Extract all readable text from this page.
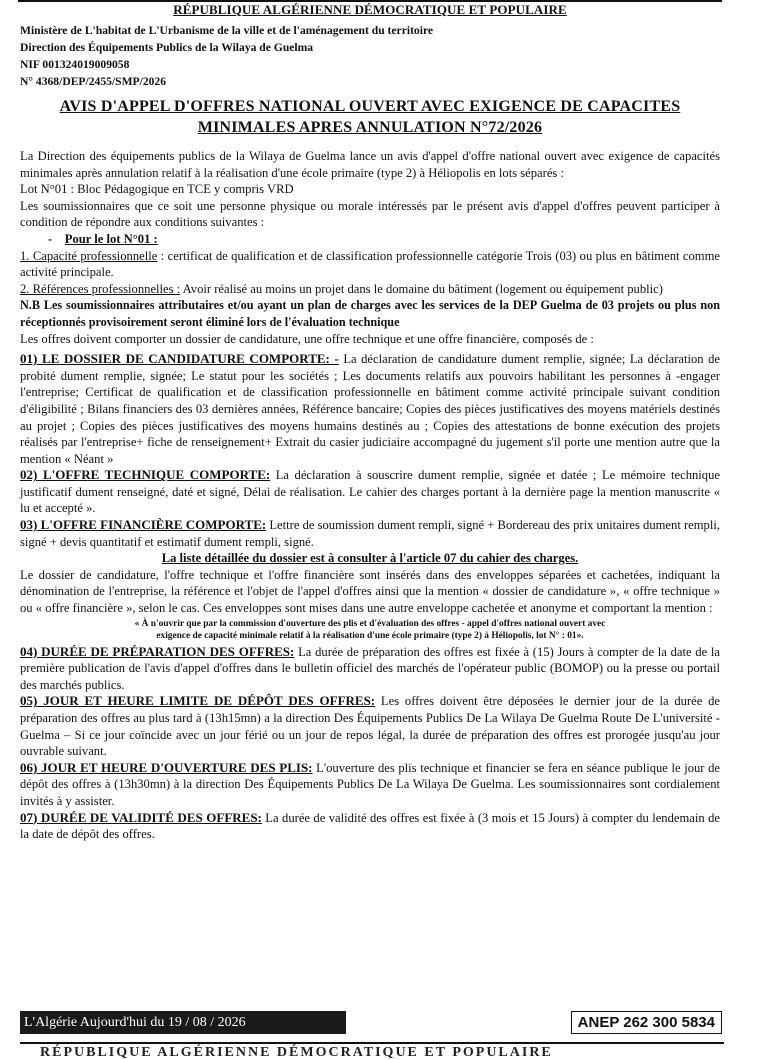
RÉPUBLIQUE ALGÉRIENNE DÉMOCRATIQUE ET POPULAIRE
Ministère de L'habitat de L'Urbanisme de la ville et de l'aménagement du territoire
Direction des Équipements Publics de la Wilaya de Guelma
NIF 001324019009058
N° 4368/DEP/2455/SMP/2026
AVIS D'APPEL D'OFFRES NATIONAL OUVERT AVEC EXIGENCE DE CAPACITES
MINIMALES APRES ANNULATION N°72/2026
La Direction des équipements publics de la Wilaya de Guelma lance un avis d'appel d'offre national ouvert avec exigence de capacités minimales après annulation relatif à la réalisation d'une école primaire (type 2) à Héliopolis en lots séparés :
Lot N°01 : Bloc Pédagogique en TCE y compris VRD
Les soumissionnaires que ce soit une personne physique ou morale intéressés par le présent avis d'appel d'offres peuvent participer à condition de répondre aux conditions suivantes :
- Pour le lot N°01 :
1. Capacité professionnelle : certificat de qualification et de classification professionnelle catégorie Trois (03) ou plus en bâtiment comme activité principale.
2. Références professionnelles : Avoir réalisé au moins un projet dans le domaine du bâtiment (logement ou équipement public)
N.B Les soumissionnaires attributaires et/ou ayant un plan de charges avec les services de la DEP Guelma de 03 projets ou plus non réceptionnés provisoirement seront éliminé lors de l'évaluation technique
Les offres doivent comporter un dossier de candidature, une offre technique et une offre financière, composés de :
01) LE DOSSIER DE CANDIDATURE COMPORTE: - La déclaration de candidature dument remplie, signée; La déclaration de probité dument remplie, signée; Le statut pour les sociétés ; Les documents relatifs aux pouvoirs habilitant les personnes à -engager l'entreprise; Certificat de qualification et de classification professionnelle en bâtiment comme activité principale suivant condition d'éligibilité ; Bilans financiers des 03 dernières années, Référence bancaire; Copies des pièces justificatives des moyens matériels destinés au projet ; Copies des pièces justificatives des moyens humains destinés au ; Copies des attestations de bonne exécution des projets réalisés par l'entreprise+ fiche de renseignement+ Extrait du casier judiciaire accompagné du jugement s'il porte une mention autre que la mention « Néant »
02) L'OFFRE TECHNIQUE COMPORTE: La déclaration à souscrire dument remplie, signée et datée ; Le mémoire technique justificatif dument renseigné, daté et signé, Délai de réalisation. Le cahier des charges portant à la dernière page la mention manuscrite « lu et accepté ».
03) L'OFFRE FINANCIÈRE COMPORTE: Lettre de soumission dument rempli, signé + Bordereau des prix unitaires dument rempli, signé + devis quantitatif et estimatif dument rempli, signé.
La liste détaillée du dossier est à consulter à l'article 07 du cahier des charges.
Le dossier de candidature, l'offre technique et l'offre financière sont insérés dans des enveloppes séparées et cachetées, indiquant la dénomination de l'entreprise, la référence et l'objet de l'appel d'offres ainsi que la mention « dossier de candidature », « offre technique » ou « offre financière », selon le cas. Ces enveloppes sont mises dans une autre enveloppe cachetée et anonyme et comportant la mention :
« À n'ouvrir que par la commission d'ouverture des plis et d'évaluation des offres - appel d'offres national ouvert avec
exigence de capacité minimale relatif à la réalisation d'une école primaire (type 2) à Héliopolis, lot N° : 01».
04) DURÉE DE PRÉPARATION DES OFFRES: La durée de préparation des offres est fixée à (15) Jours à compter de la date de la première publication de l'avis d'appel d'offres dans le bulletin officiel des marchés de l'opérateur public (BOMOP) ou la presse ou portail des marchés publics.
05) JOUR ET HEURE LIMITE DE DÉPÔT DES OFFRES: Les offres doivent être déposées le dernier jour de la durée de préparation des offres au plus tard à (13h15mn) a la direction Des Équipements Publics De La Wilaya De Guelma Route De L'université - Guelma – Si ce jour coïncide avec un jour férié ou un jour de repos légal, la durée de préparation des offres est prorogée jusqu'au jour ouvrable suivant.
06) JOUR ET HEURE D'OUVERTURE DES PLIS: L'ouverture des plis technique et financier se fera en séance publique le jour de dépôt des offres à (13h30mn) à la direction Des Équipements Publics De La Wilaya De Guelma. Les soumissionnaires sont cordialement invités à y assister.
07) DURÉE DE VALIDITÉ DES OFFRES: La durée de validité des offres est fixée à (3 mois et 15 Jours) à compter du lendemain de la date de dépôt des offres.
L'Algérie Aujourd'hui du 19 / 08 / 2026	ANEP 262 300 5834
RÉPUBLIQUE ALGÉRIENNE DÉMOCRATIQUE ET POPULAIRE
